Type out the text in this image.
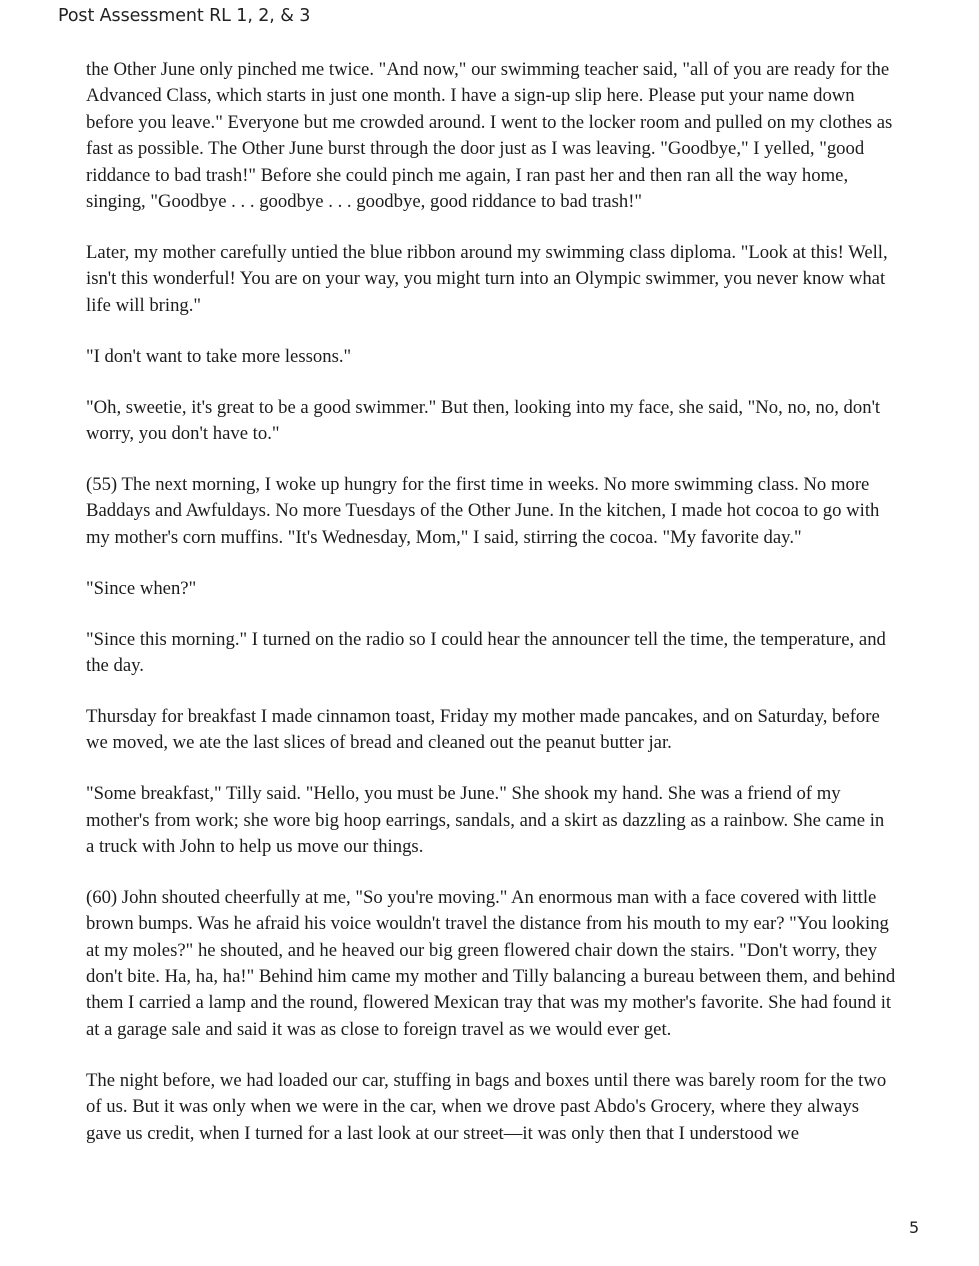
Post Assessment RL 1, 2, & 3

the Other June only pinched me twice. "And now," our swimming teacher said, "all of you are ready for the Advanced Class, which starts in just one month. I have a sign-up slip here. Please put your name down before you leave." Everyone but me crowded around. I went to the locker room and pulled on my clothes as fast as possible. The Other June burst through the door just as I was leaving. "Goodbye," I yelled, "good riddance to bad trash!" Before she could pinch me again, I ran past her and then ran all the way home, singing, "Goodbye . . . goodbye . . . goodbye, good riddance to bad trash!"

Later, my mother carefully untied the blue ribbon around my swimming class diploma. "Look at this! Well, isn't this wonderful! You are on your way, you might turn into an Olympic swimmer, you never know what life will bring."

"I don't want to take more lessons."

"Oh, sweetie, it's great to be a good swimmer." But then, looking into my face, she said, "No, no, no, don't worry, you don't have to."

(55) The next morning, I woke up hungry for the first time in weeks. No more swimming class. No more Baddays and Awfuldays. No more Tuesdays of the Other June. In the kitchen, I made hot cocoa to go with my mother's corn muffins. "It's Wednesday, Mom," I said, stirring the cocoa. "My favorite day."

"Since when?"

"Since this morning." I turned on the radio so I could hear the announcer tell the time, the temperature, and the day.

Thursday for breakfast I made cinnamon toast, Friday my mother made pancakes, and on Saturday, before we moved, we ate the last slices of bread and cleaned out the peanut butter jar.

"Some breakfast," Tilly said. "Hello, you must be June." She shook my hand. She was a friend of my mother's from work; she wore big hoop earrings, sandals, and a skirt as dazzling as a rainbow. She came in a truck with John to help us move our things.

(60) John shouted cheerfully at me, "So you're moving." An enormous man with a face covered with little brown bumps. Was he afraid his voice wouldn't travel the distance from his mouth to my ear? "You looking at my moles?" he shouted, and he heaved our big green flowered chair down the stairs. "Don't worry, they don't bite. Ha, ha, ha!" Behind him came my mother and Tilly balancing a bureau between them, and behind them I carried a lamp and the round, flowered Mexican tray that was my mother's favorite. She had found it at a garage sale and said it was as close to foreign travel as we would ever get.

The night before, we had loaded our car, stuffing in bags and boxes until there was barely room for the two of us. But it was only when we were in the car, when we drove past Abdo's Grocery, where they always gave us credit, when I turned for a last look at our street—it was only then that I understood we

5
